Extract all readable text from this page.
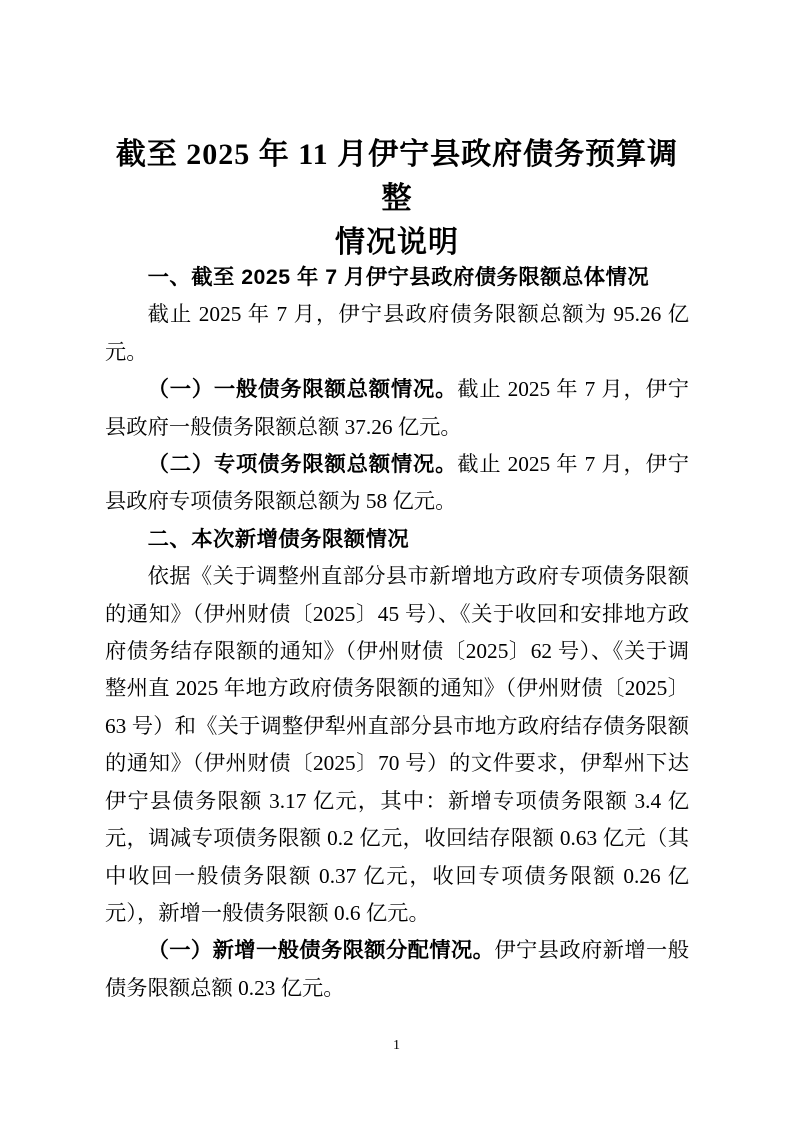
截至 2025 年 11 月伊宁县政府债务预算调整
情况说明
一、截至 2025 年 7 月伊宁县政府债务限额总体情况
截止 2025 年 7 月，伊宁县政府债务限额总额为 95.26 亿元。
（一）一般债务限额总额情况。截止 2025 年 7 月，伊宁县政府一般债务限额总额 37.26 亿元。
（二）专项债务限额总额情况。截止 2025 年 7 月，伊宁县政府专项债务限额总额为 58 亿元。
二、本次新增债务限额情况
依据《关于调整州直部分县市新增地方政府专项债务限额的通知》（伊州财债〔2025〕45 号）、《关于收回和安排地方政府债务结存限额的通知》（伊州财债〔2025〕62 号）、《关于调整州直 2025 年地方政府债务限额的通知》（伊州财债〔2025〕63 号）和《关于调整伊犁州直部分县市地方政府结存债务限额的通知》（伊州财债〔2025〕70 号）的文件要求，伊犁州下达伊宁县债务限额 3.17 亿元，其中：新增专项债务限额 3.4 亿元，调减专项债务限额 0.2 亿元，收回结存限额 0.63 亿元（其中收回一般债务限额 0.37 亿元，收回专项债务限额 0.26 亿元），新增一般债务限额 0.6 亿元。
（一）新增一般债务限额分配情况。伊宁县政府新增一般债务限额总额 0.23 亿元。
1
